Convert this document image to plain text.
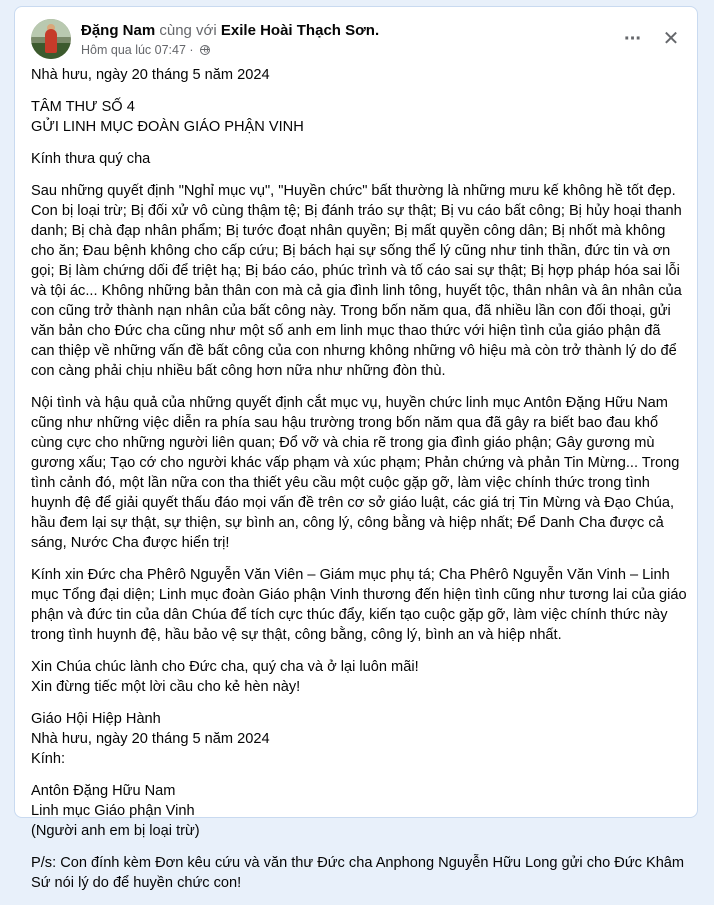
Đặng Nam cùng với Exile Hoài Thạch Sơn.
Hôm qua lúc 07:47 ·	··· ✕

Nhà hưu, ngày 20 tháng 5 năm 2024

TÂM THƯ SỐ 4
GỬI LINH MỤC ĐOÀN GIÁO PHẬN VINH

Kính thưa quý cha

Sau những quyết định "Nghỉ mục vụ", "Huyền chức" bất thường là những mưu kế không hề tốt đẹp. Con bị loại trừ; Bị đối xử vô cùng thậm tệ; Bị đánh tráo sự thật; Bị vu cáo bất công; Bị hủy hoại thanh danh; Bị chà đạp nhân phẩm; Bị tước đoạt nhân quyền; Bị mất quyền công dân; Bị nhốt mà không cho ăn; Đau bệnh không cho cấp cứu; Bị bách hại sự sống thể lý cũng như tinh thần, đức tin và ơn gọi; Bị làm chứng dối để triệt hạ; Bị báo cáo, phúc trình và tố cáo sai sự thật; Bị hợp pháp hóa sai lỗi và tội ác... Không những bản thân con mà cả gia đình linh tông, huyết tộc, thân nhân và ân nhân của con cũng trở thành nạn nhân của bất công này. Trong bốn năm qua, đã nhiều lần con đối thoại, gửi văn bản cho Đức cha cũng như một số anh em linh mục thao thức với hiện tình của giáo phận đã can thiệp về những vấn đề bất công của con nhưng không những vô hiệu mà còn trở thành lý do để con càng phải chịu nhiều bất công hơn nữa như những đòn thù.

Nội tình và hậu quả của những quyết định cắt mục vụ, huyền chức linh mục Antôn Đặng Hữu Nam cũng như những việc diễn ra phía sau hậu trường trong bốn năm qua đã gây ra biết bao đau khổ cùng cực cho những người liên quan; Đổ vỡ và chia rẽ trong gia đình giáo phận; Gây gương mù gương xấu; Tạo cớ cho người khác vấp phạm và xúc phạm; Phản chứng và phản Tin Mừng... Trong tình cảnh đó, một lần nữa con tha thiết yêu cầu một cuộc gặp gỡ, làm việc chính thức trong tình huynh đệ để giải quyết thấu đáo mọi vấn đề trên cơ sở giáo luật, các giá trị Tin Mừng và Đạo Chúa, hầu đem lại sự thật, sự thiện, sự bình an, công lý, công bằng và hiệp nhất; Để Danh Cha được cả sáng, Nước Cha được hiển trị!

Kính xin Đức cha Phêrô Nguyễn Văn Viên – Giám mục phụ tá; Cha Phêrô Nguyễn Văn Vinh – Linh mục Tổng đại diện; Linh mục đoàn Giáo phận Vinh thương đến hiện tình cũng như tương lai của giáo phận và đức tin của dân Chúa để tích cực thúc đẩy, kiến tạo cuộc gặp gỡ, làm việc chính thức này trong tình huynh đệ, hầu bảo vệ sự thật, công bằng, công lý, bình an và hiệp nhất.

Xin Chúa chúc lành cho Đức cha, quý cha và ở lại luôn mãi!
Xin đừng tiếc một lời cầu cho kẻ hèn này!

Giáo Hội Hiệp Hành
Nhà hưu, ngày 20 tháng 5 năm 2024
Kính:

Antôn Đặng Hữu Nam
Linh mục Giáo phận Vinh
(Người anh em bị loại trừ)

P/s: Con đính kèm Đơn kêu cứu và văn thư Đức cha Anphong Nguyễn Hữu Long gửi cho Đức Khâm Sứ nói lý do để huyền chức con!
